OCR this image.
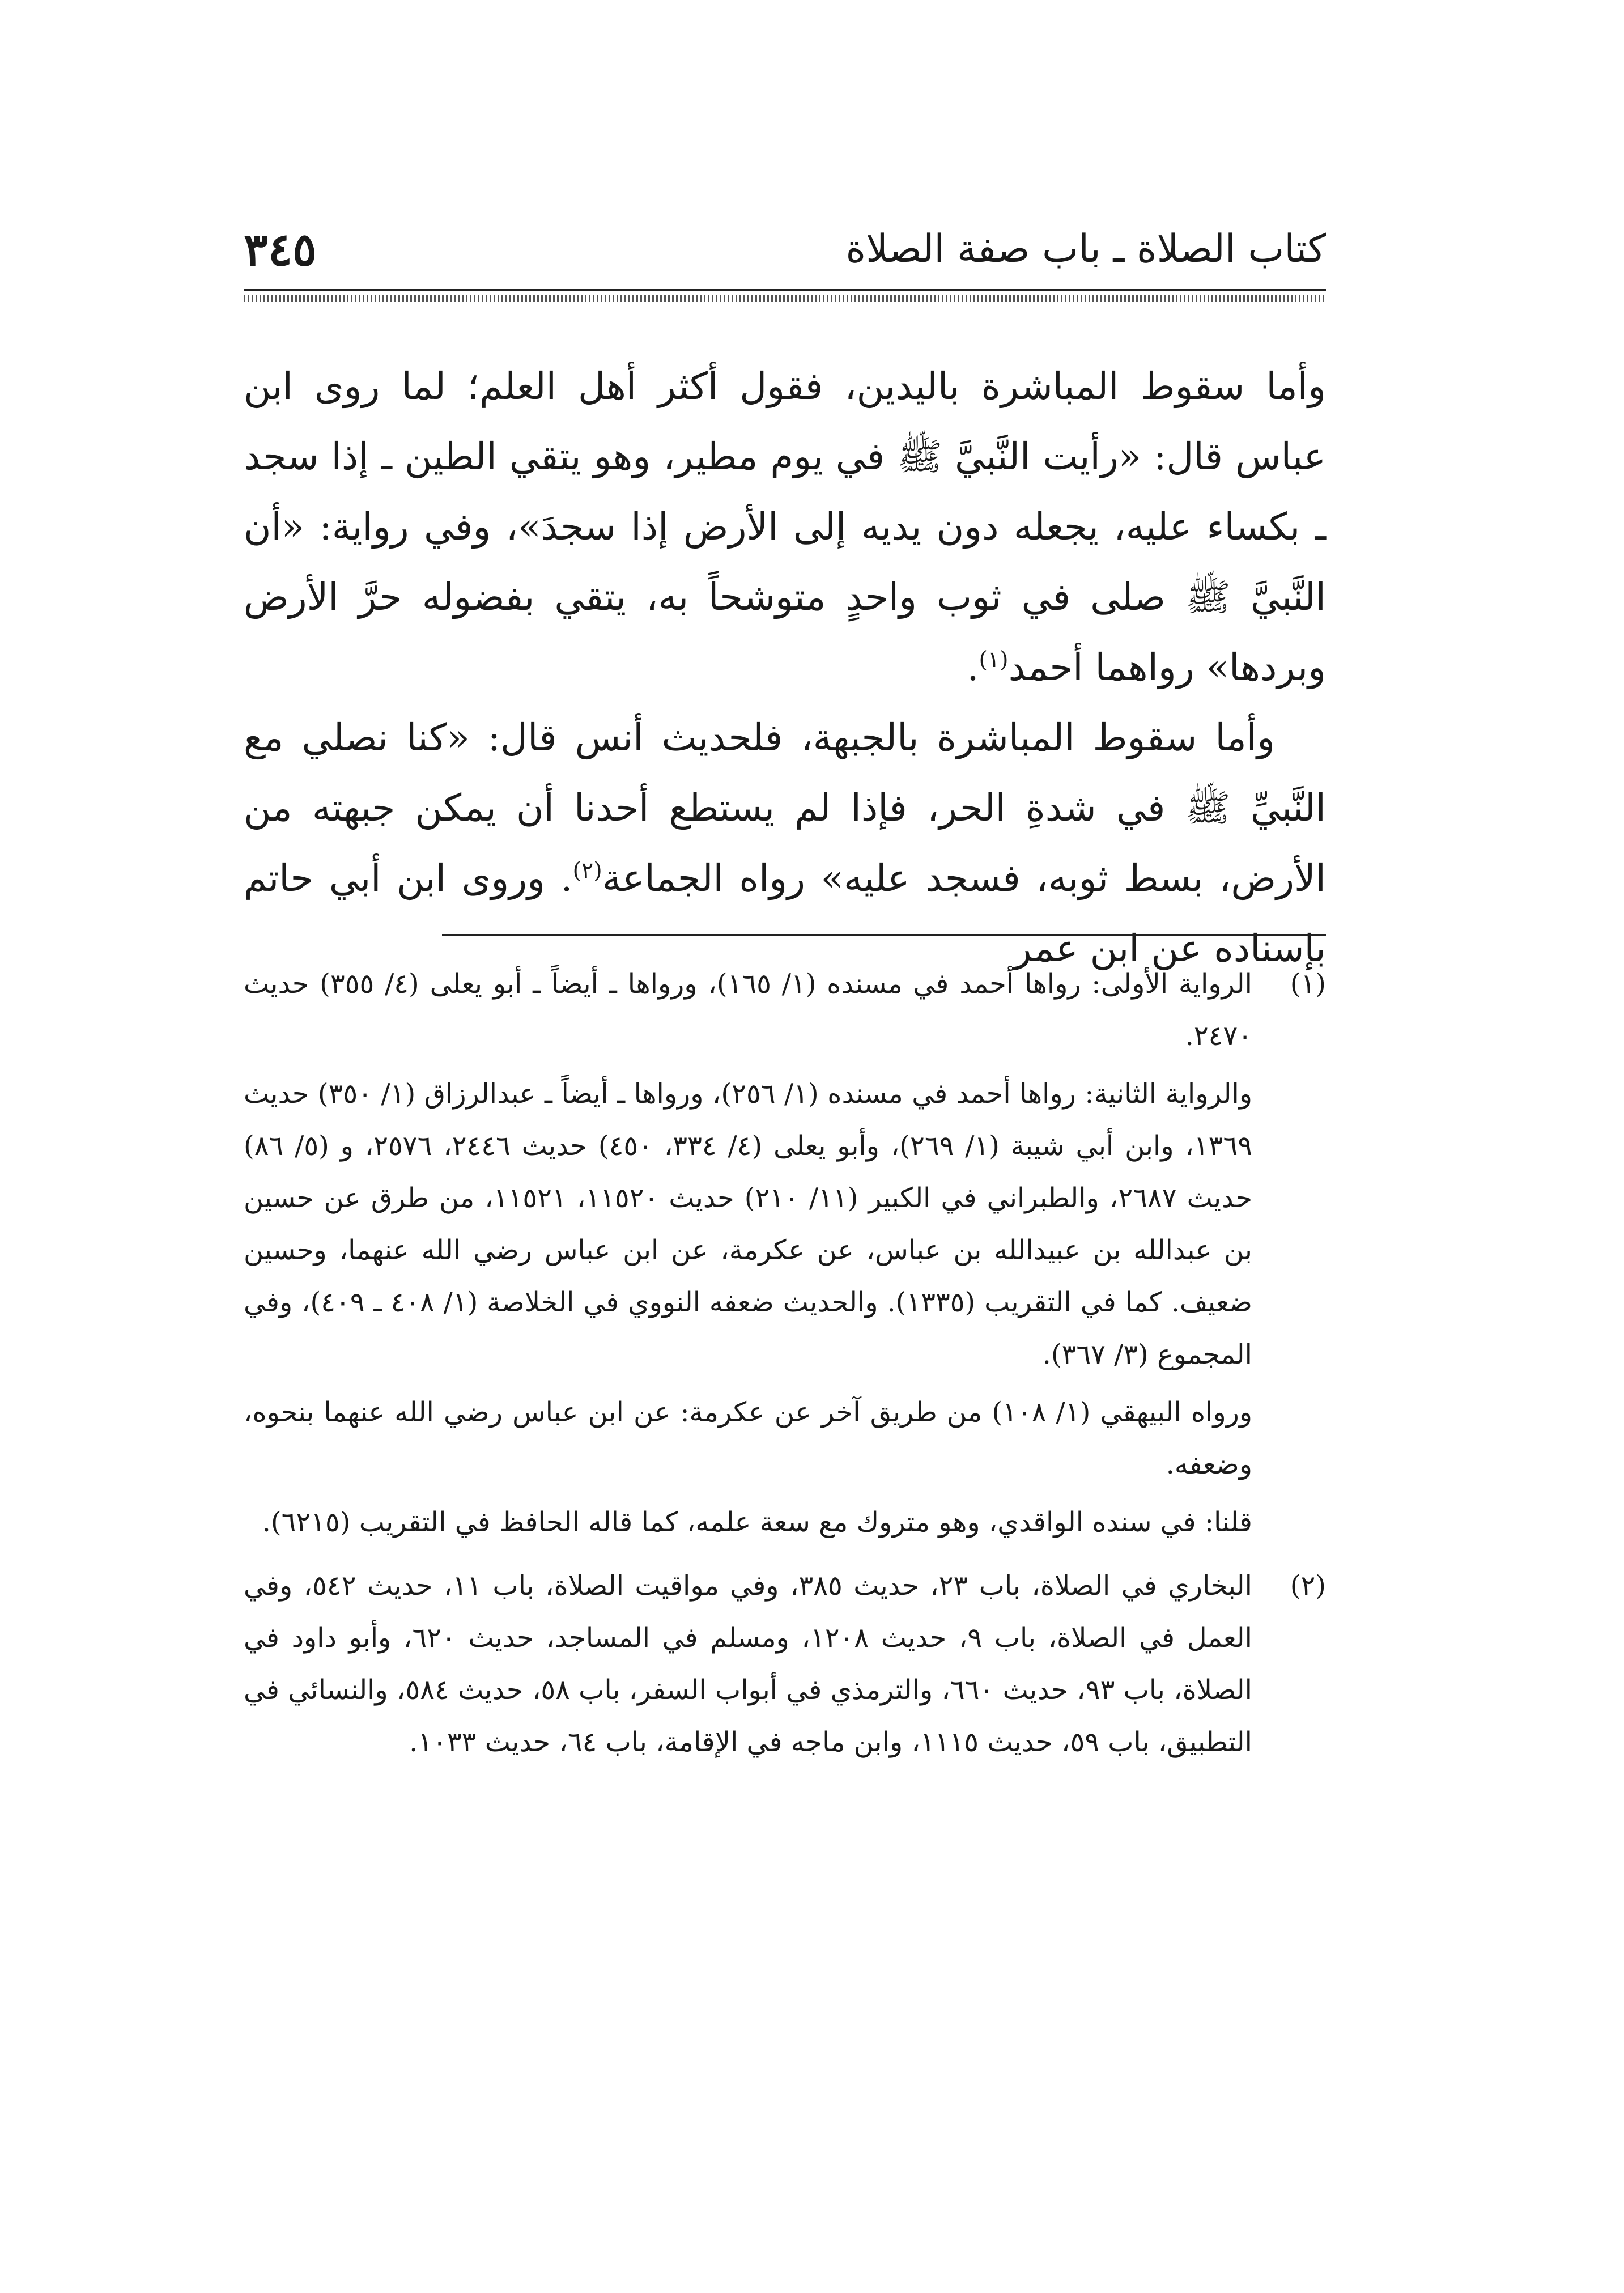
كتاب الصلاة ـ باب صفة الصلاة
٣٤٥

وأما سقوط المباشرة باليدين، فقول أكثر أهل العلم؛ لما روى ابن عباس قال: «رأيت النَّبيَّ ﷺ في يوم مطير، وهو يتقي الطين ـ إذا سجد ـ بكساء عليه، يجعله دون يديه إلى الأرض إذا سجدَ»، وفي رواية: «أن النَّبيَّ ﷺ صلى في ثوب واحدٍ متوشحاً به، يتقي بفضوله حرَّ الأرض وبردها» رواهما أحمد$^{(١)}$.

وأما سقوط المباشرة بالجبهة، فلحديث أنس قال: «كنا نصلي مع النَّبيِّ ﷺ في شدةِ الحر، فإذا لم يستطع أحدنا أن يمكن جبهته من الأرض، بسط ثوبه، فسجد عليه» رواه الجماعة$^{(٢)}$. وروى ابن أبي حاتم بإسناده عن ابن عمر

(١)

الرواية الأولى: رواها أحمد في مسنده (١/ ١٦٥)، ورواها ـ أيضاً ـ أبو يعلى (٤/ ٣٥٥) حديث ٢٤٧٠.

والرواية الثانية: رواها أحمد في مسنده (١/ ٢٥٦)، ورواها ـ أيضاً ـ عبدالرزاق (١/ ٣٥٠) حديث ١٣٦٩، وابن أبي شيبة (١/ ٢٦٩)، وأبو يعلى (٤/ ٣٣٤، ٤٥٠) حديث ٢٤٤٦، ٢٥٧٦، و (٥/ ٨٦) حديث ٢٦٨٧، والطبراني في الكبير (١١/ ٢١٠) حديث ١١٥٢٠، ١١٥٢١، من طرق عن حسين بن عبدالله بن عبيدالله بن عباس، عن عكرمة، عن ابن عباس رضي الله عنهما، وحسين ضعيف. كما في التقريب (١٣٣٥). والحديث ضعفه النووي في الخلاصة (١/ ٤٠٨ ـ ٤٠٩)، وفي المجموع (٣/ ٣٦٧).

ورواه البيهقي (١/ ١٠٨) من طريق آخر عن عكرمة: عن ابن عباس رضي الله عنهما بنحوه، وضعفه.

قلنا: في سنده الواقدي، وهو متروك مع سعة علمه، كما قاله الحافظ في التقريب (٦٢١٥).

(٢)

البخاري في الصلاة، باب ٢٣، حديث ٣٨٥، وفي مواقيت الصلاة، باب ١١، حديث ٥٤٢، وفي العمل في الصلاة، باب ٩، حديث ١٢٠٨، ومسلم في المساجد، حديث ٦٢٠، وأبو داود في الصلاة، باب ٩٣، حديث ٦٦٠، والترمذي في أبواب السفر، باب ٥٨، حديث ٥٨٤، والنسائي في التطبيق، باب ٥٩، حديث ١١١٥، وابن ماجه في الإقامة، باب ٦٤، حديث ١٠٣٣.
